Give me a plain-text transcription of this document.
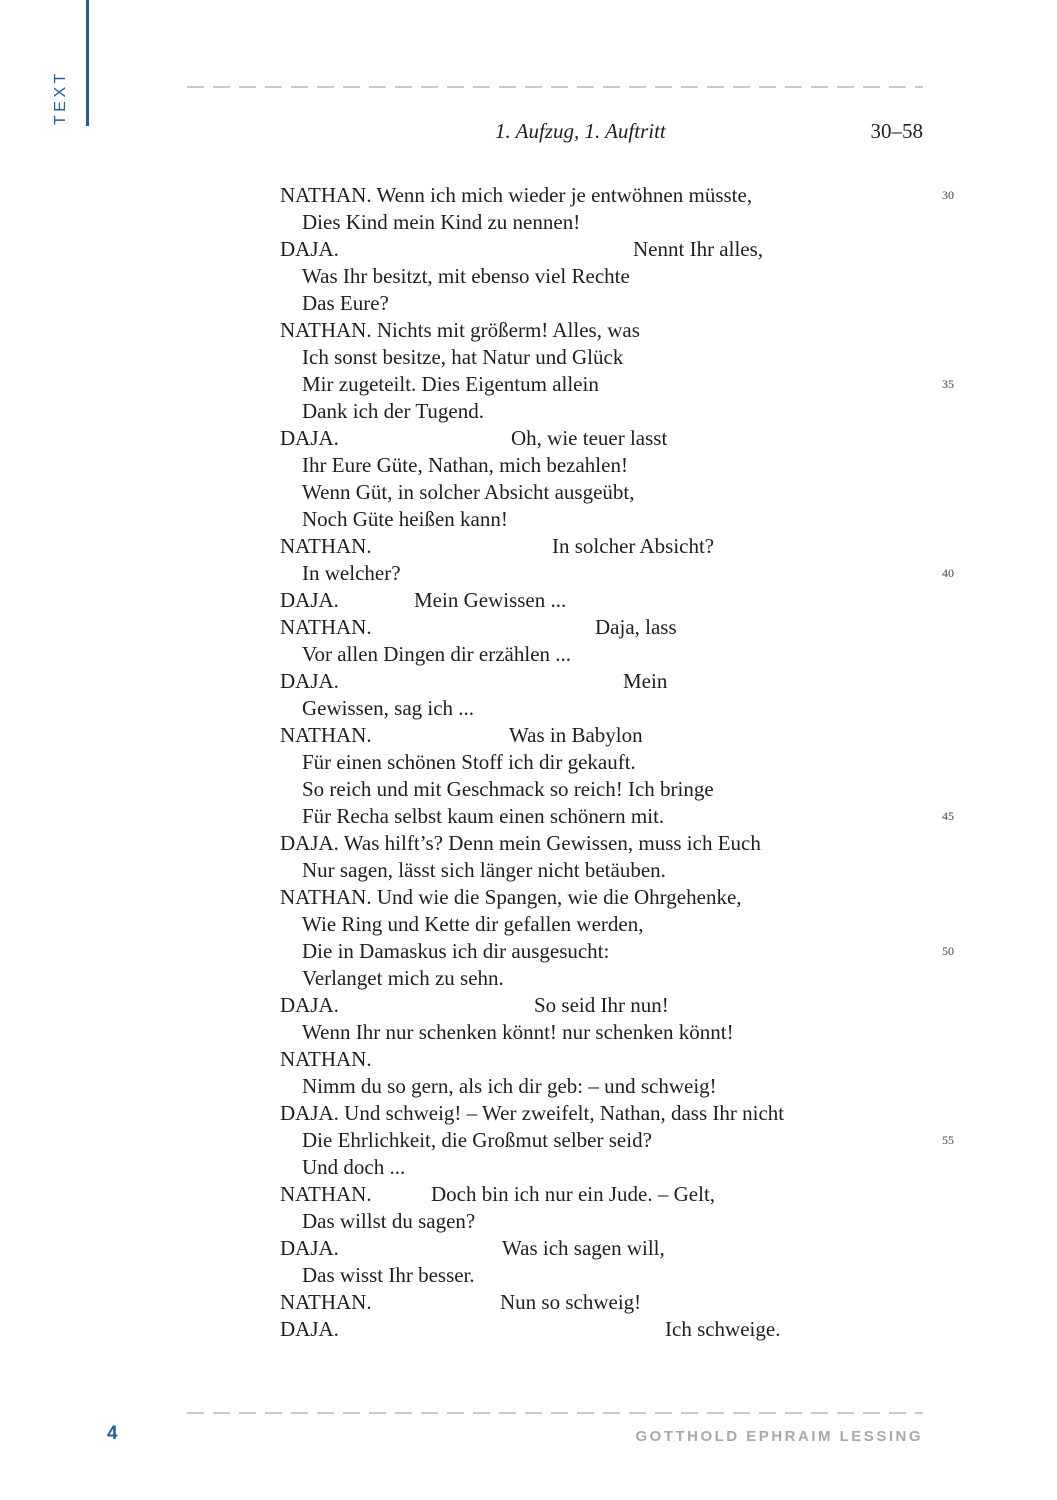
TEXT
1. Aufzug, 1. Auftritt	30–58
NATHAN. Wenn ich mich wieder je entwöhnen müsste,	30
Dies Kind mein Kind zu nennen!
DAJA.	Nennt Ihr alles,
Was Ihr besitzt, mit ebenso viel Rechte
Das Eure?
NATHAN. Nichts mit größerm! Alles, was
Ich sonst besitze, hat Natur und Glück
Mir zugeteilt. Dies Eigentum allein	35
Dank ich der Tugend.
DAJA.	Oh, wie teuer lasst
Ihr Eure Güte, Nathan, mich bezahlen!
Wenn Güt, in solcher Absicht ausgeübt,
Noch Güte heißen kann!
NATHAN.	In solcher Absicht?
In welcher?	40
DAJA.	Mein Gewissen ...
NATHAN.	Daja, lass
Vor allen Dingen dir erzählen ...
DAJA.	Mein
Gewissen, sag ich ...
NATHAN.	Was in Babylon
Für einen schönen Stoff ich dir gekauft.
So reich und mit Geschmack so reich! Ich bringe
Für Recha selbst kaum einen schönern mit.	45
DAJA. Was hilft’s? Denn mein Gewissen, muss ich Euch
Nur sagen, lässt sich länger nicht betäuben.
NATHAN. Und wie die Spangen, wie die Ohrgehenke,
Wie Ring und Kette dir gefallen werden,
Die in Damaskus ich dir ausgesucht:	50
Verlanget mich zu sehn.
DAJA.	So seid Ihr nun!
Wenn Ihr nur schenken könnt! nur schenken könnt!
NATHAN.
Nimm du so gern, als ich dir geb: – und schweig!
DAJA. Und schweig! – Wer zweifelt, Nathan, dass Ihr nicht
Die Ehrlichkeit, die Großmut selber seid?	55
Und doch ...
NATHAN.	Doch bin ich nur ein Jude. – Gelt,
Das willst du sagen?
DAJA.	Was ich sagen will,
Das wisst Ihr besser.
NATHAN.	Nun so schweig!
DAJA.	Ich schweige.
4	GOTTHOLD EPHRAIM LESSING
